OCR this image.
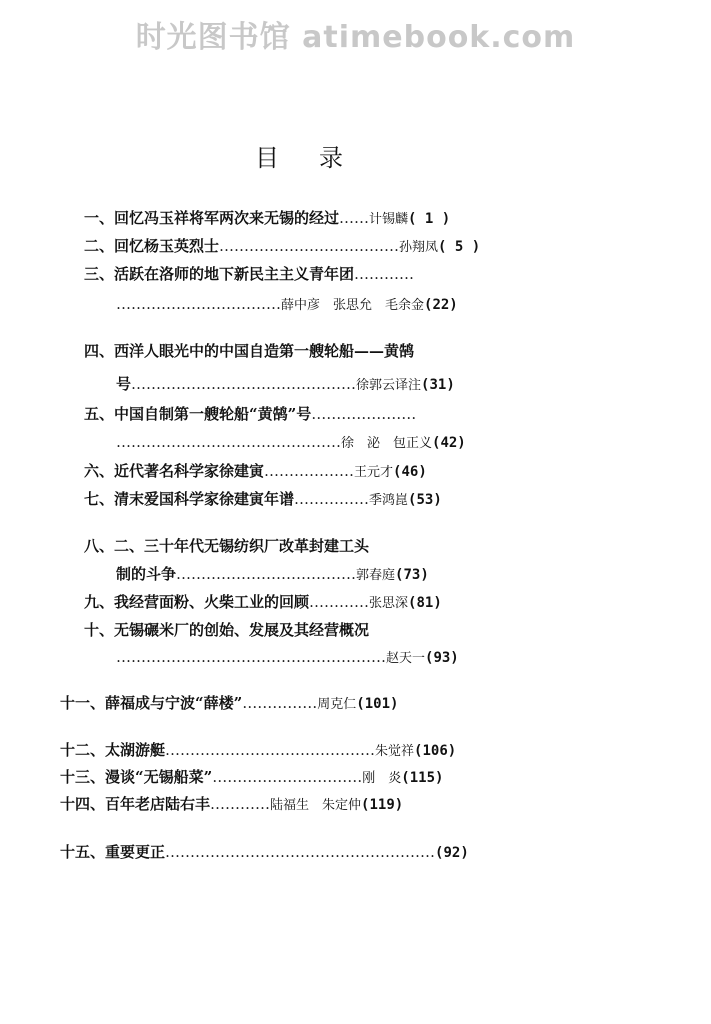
时光图书馆 atimebook.com
目录
一、回忆冯玉祥将军两次来无锡的经过……计锡麟( 1 )
二、回忆杨玉英烈士………………………………孙翔凤( 5 )
三、活跃在洛师的地下新民主主义青年团…………
……………………………薛中彦　张思允　毛余金(22)
四、西洋人眼光中的中国自造第一艘轮船——黄鹄
号………………………………………徐郭云译注(31)
五、中国自制第一艘轮船“黄鹄”号…………………
………………………………………徐　泌　包正义(42)
六、近代著名科学家徐建寅………………王元才(46)
七、清末爱国科学家徐建寅年谱……………季鸿崑(53)
八、二、三十年代无锡纺织厂改革封建工头
制的斗争………………………………郭春庭(73)
九、我经营面粉、火柴工业的回顾…………张思深(81)
十、无锡碾米厂的创始、发展及其经营概况
………………………………………………赵天一(93)
十一、薛福成与宁波“薛楼”……………周克仁(101)
十二、太湖游艇……………………………………朱觉祥(106)
十三、漫谈“无锡船菜”…………………………刚　炎(115)
十四、百年老店陆右丰…………陆福生　朱定仲(119)
十五、重要更正………………………………………………(92)
